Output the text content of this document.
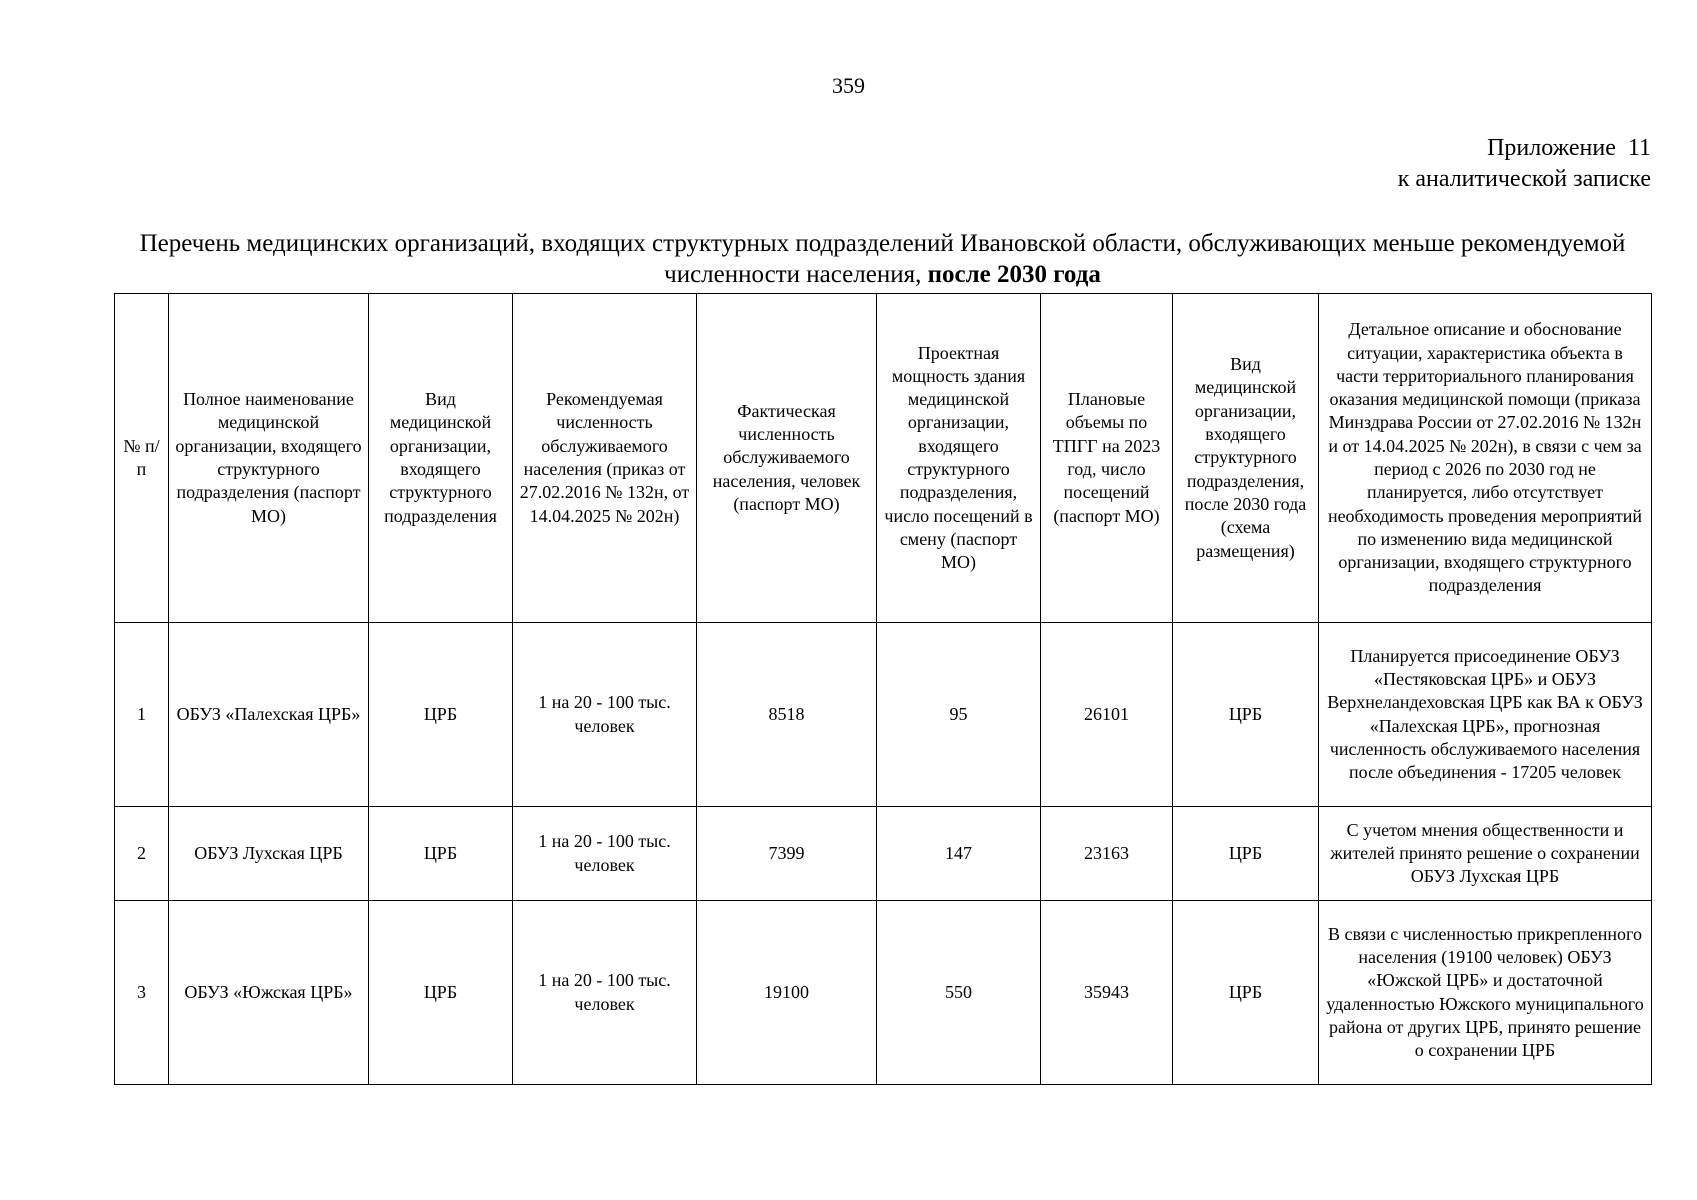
359
Приложение  11
к аналитической записке
Перечень медицинских организаций, входящих структурных подразделений Ивановской области, обслуживающих меньше рекомендуемой численности населения, после 2030 года
№ п/п	Полное наименование медицинской организации, входящего структурного подразделения (паспорт МО)	Вид медицинской организации, входящего структурного подразделения	Рекомендуемая численность обслуживаемого населения (приказ от 27.02.2016 № 132н, от 14.04.2025 № 202н)	Фактическая численность обслуживаемого населения, человек (паспорт МО)	Проектная мощность здания медицинской организации, входящего структурного подразделения, число посещений в смену (паспорт МО)	Плановые объемы по ТПГГ на 2023 год, число посещений (паспорт МО)	Вид медицинской организации, входящего структурного подразделения, после 2030 года (схема размещения)	Детальное описание и обоснование ситуации, характеристика объекта в части территориального планирования оказания медицинской помощи (приказа Минздрава России от 27.02.2016 № 132н и от 14.04.2025 № 202н), в связи с чем за период с 2026 по 2030 год не планируется, либо отсутствует необходимость проведения мероприятий по изменению вида медицинской организации, входящего структурного подразделения
1	ОБУЗ «Палехская ЦРБ»	ЦРБ	1 на 20 - 100 тыс. человек	8518	95	26101	ЦРБ	Планируется присоединение ОБУЗ «Пестяковская ЦРБ» и ОБУЗ Верхнеландеховская ЦРБ как ВА к ОБУЗ «Палехская ЦРБ», прогнозная численность обслуживаемого населения после объединения - 17205 человек
2	ОБУЗ Лухская ЦРБ	ЦРБ	1 на 20 - 100 тыс. человек	7399	147	23163	ЦРБ	С учетом мнения общественности и жителей принято решение о сохранении ОБУЗ Лухская ЦРБ
3	ОБУЗ «Южская ЦРБ»	ЦРБ	1 на 20 - 100 тыс. человек	19100	550	35943	ЦРБ	В связи с численностью прикрепленного населения (19100 человек) ОБУЗ «Южской ЦРБ» и достаточной удаленностью Южского муниципального района от других ЦРБ, принято решение о сохранении ЦРБ
